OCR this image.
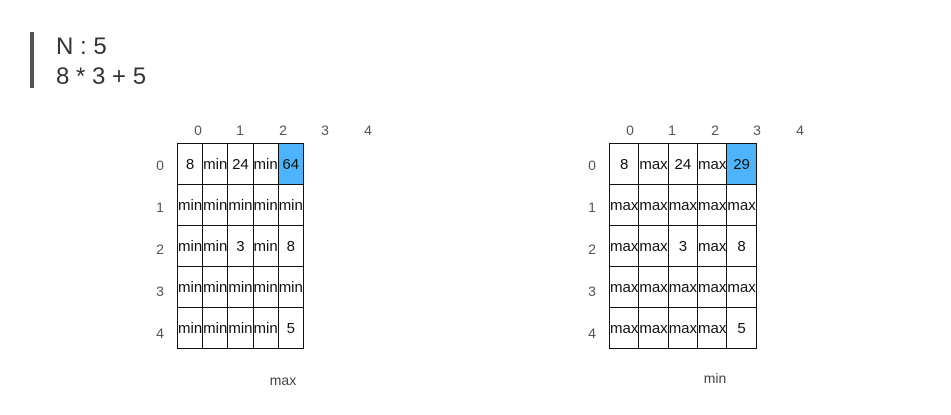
N : 5
8 * 3 + 5
0	1	2	3	4
0
1
2
3
4
8	min	24	min	64
min	min	min	min	min
min	min	3	min	8
min	min	min	min	min
min	min	min	min	5
max
0	1	2	3	4
0
1
2
3
4
8	max	24	max	29
max	max	max	max	max
max	max	3	max	8
max	max	max	max	max
max	max	max	max	5
min
